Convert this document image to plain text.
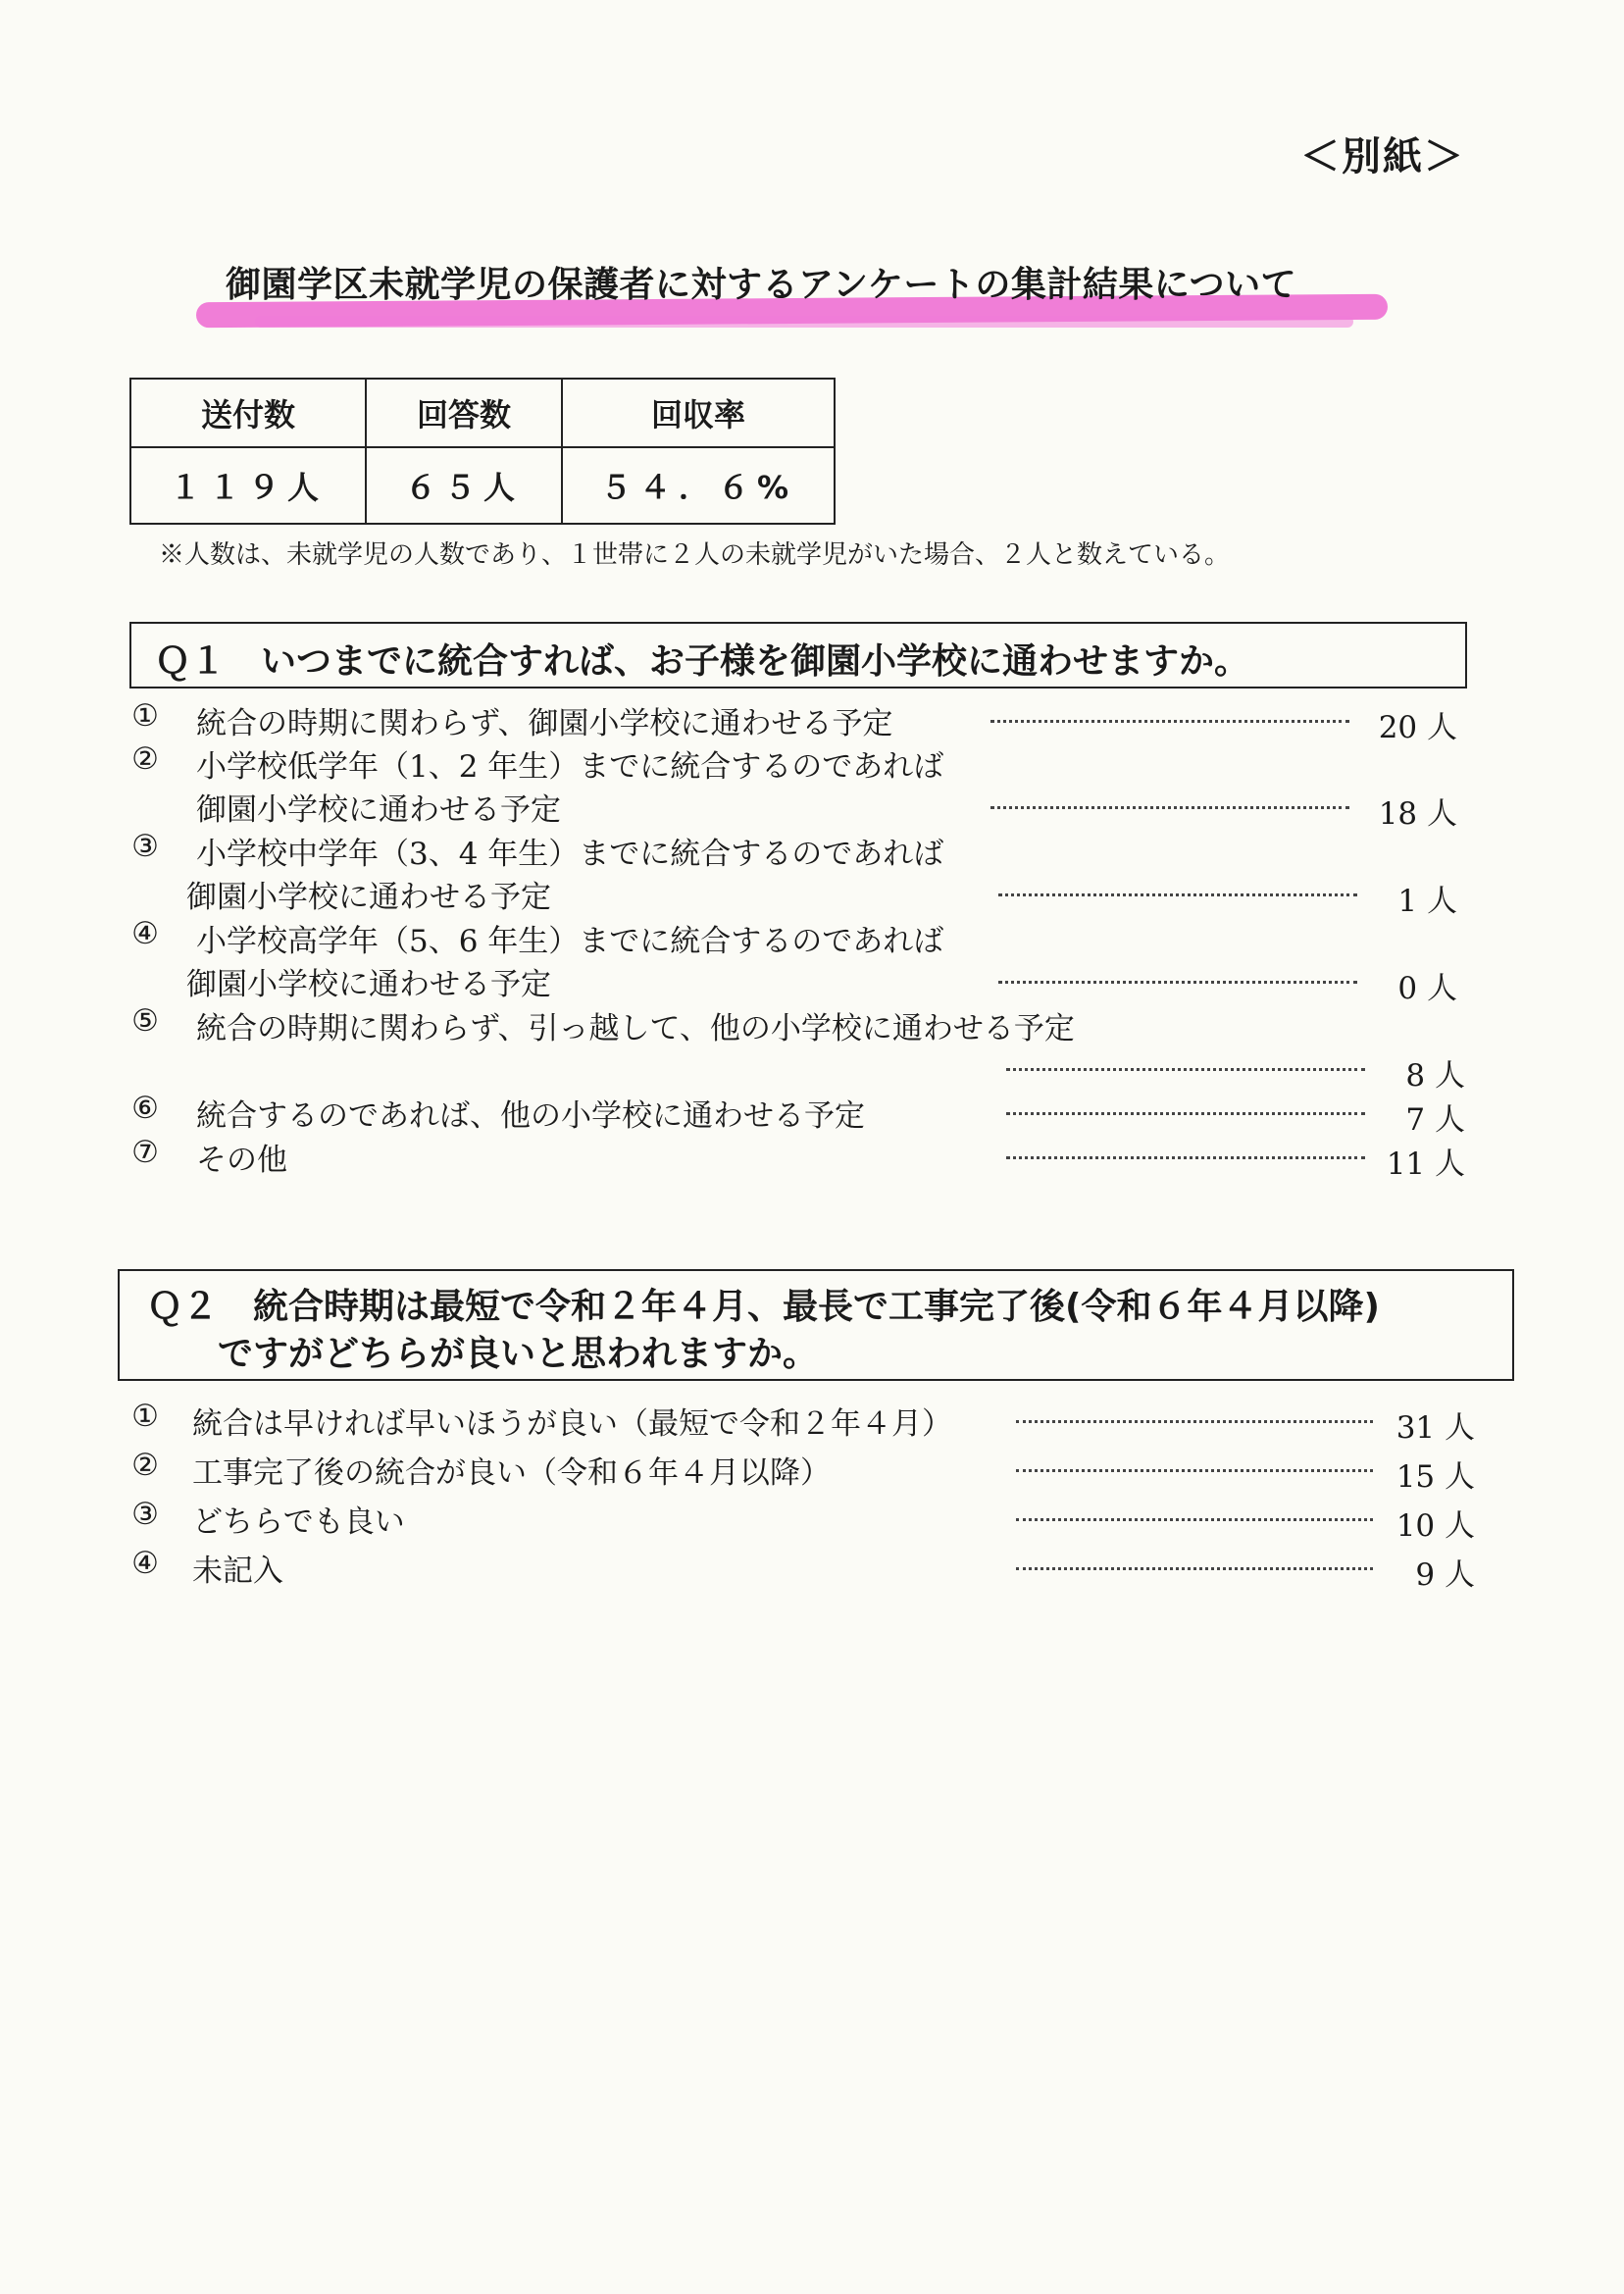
＜別紙＞
御園学区未就学児の保護者に対するアンケートの集計結果について
送付数	回答数	回収率
１１９人	６５人	５４．６%
※人数は、未就学児の人数であり、１世帯に２人の未就学児がいた場合、２人と数えている。
Ｑ１　いつまでに統合すれば、お子様を御園小学校に通わせますか。
① 統合の時期に関わらず、御園小学校に通わせる予定	20 人
② 小学校低学年（1、2 年生）までに統合するのであれば
御園小学校に通わせる予定	18 人
③ 小学校中学年（3、4 年生）までに統合するのであれば
御園小学校に通わせる予定	1 人
④ 小学校高学年（5、6 年生）までに統合するのであれば
御園小学校に通わせる予定	0 人
⑤ 統合の時期に関わらず、引っ越して、他の小学校に通わせる予定
8 人
⑥ 統合するのであれば、他の小学校に通わせる予定	7 人
⑦ その他	11 人
Ｑ２　統合時期は最短で令和２年４月、最長で工事完了後(令和６年４月以降)
ですがどちらが良いと思われますか。
① 統合は早ければ早いほうが良い（最短で令和２年４月）	31 人
② 工事完了後の統合が良い（令和６年４月以降）	15 人
③ どちらでも良い	10 人
④ 未記入	9 人
